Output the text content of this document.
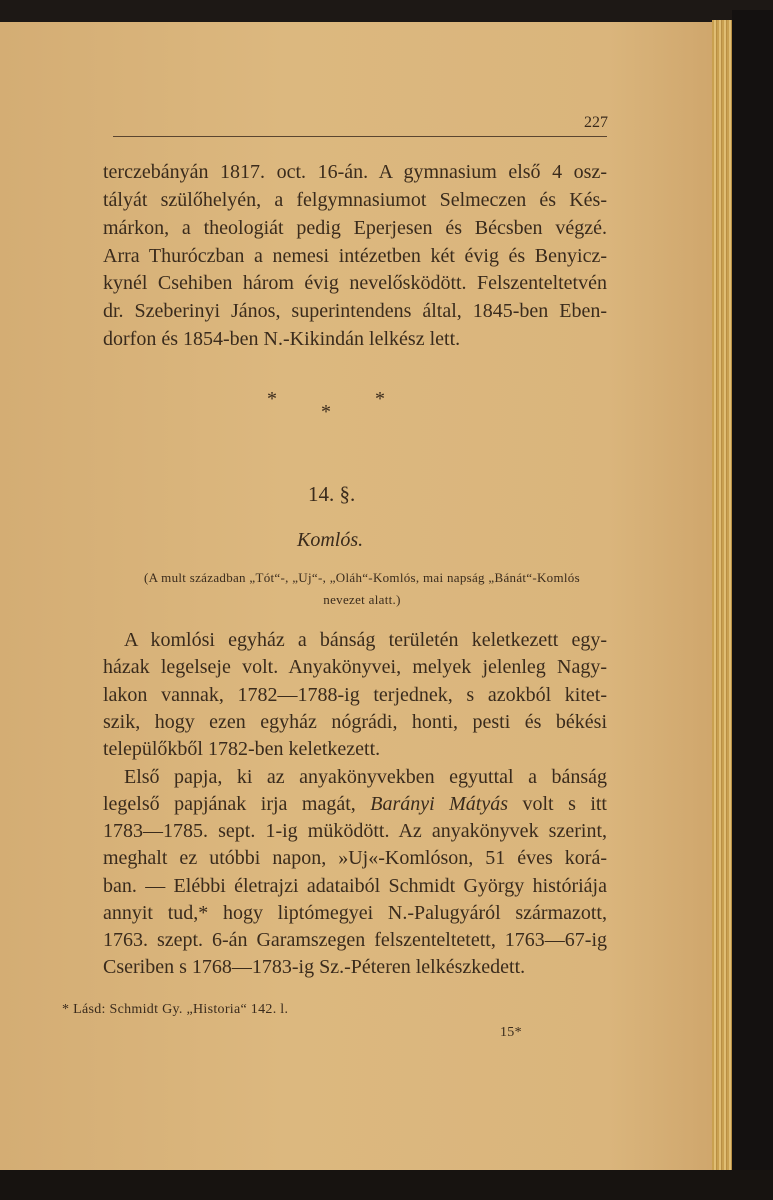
227
terczebányán 1817. oct. 16-án. A gymnasium első 4 osz-
tályát szülőhelyén, a felgymnasiumot Selmeczen és Kés-
márkon, a theologiát pedig Eperjesen és Bécsben végzé.
Arra Thuróczban a nemesi intézetben két évig és Benyicz-
kynél Csehiben három évig nevelősködött. Felszenteltetvén
dr. Szeberinyi János, superintendens által, 1845-ben Eben-
dorfon és 1854-ben N.-Kikindán lelkész lett.
*	*
*
14. §.
Komlós.
(A mult században „Tót“-, „Uj“-, „Oláh“-Komlós, mai napság „Bánát“-Komlós
nevezet alatt.)
A komlósi egyház a bánság területén keletkezett egy-
házak legelseje volt. Anyakönyvei, melyek jelenleg Nagy-
lakon vannak, 1782—1788-ig terjednek, s azokból kitet-
szik, hogy ezen egyház nógrádi, honti, pesti és békési
települőkből 1782-ben keletkezett.
Első papja, ki az anyakönyvekben egyuttal a bánság
legelső papjának irja magát, Barányi Mátyás volt s itt
1783—1785. sept. 1-ig müködött. Az anyakönyvek szerint,
meghalt ez utóbbi napon, »Uj«-Komlóson, 51 éves korá-
ban. — Elébbi életrajzi adataiból Schmidt György históriája
annyit tud,* hogy liptómegyei N.-Palugyáról származott,
1763. szept. 6-án Garamszegen felszenteltetett, 1763—67-ig
Cseriben s 1768—1783-ig Sz.-Péteren lelkészkedett.
* Lásd: Schmidt Gy. „Historia“ 142. l.
15*
